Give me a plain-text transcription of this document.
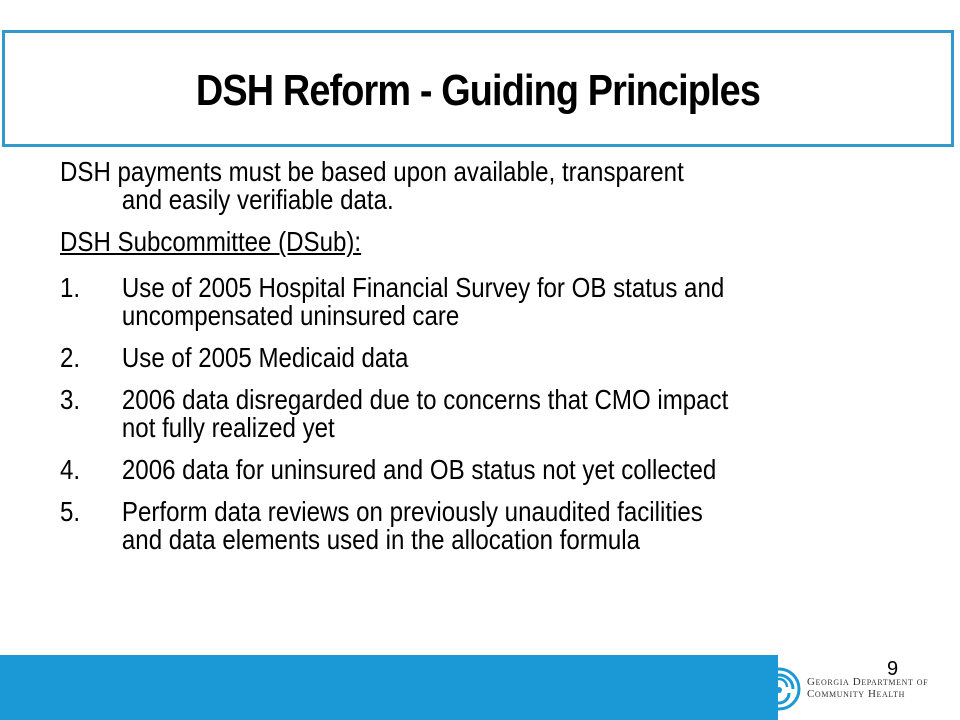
DSH Reform - Guiding Principles
DSH payments must be based upon available, transparent
and easily verifiable data.
DSH Subcommittee (DSub):
1.	Use of 2005 Hospital Financial Survey for OB status and
uncompensated uninsured care
2.	Use of 2005 Medicaid data
3.	2006 data disregarded due to concerns that CMO impact
not fully realized yet
4.	2006 data for uninsured and OB status not yet collected
5.	Perform data reviews on previously unaudited facilities
and data elements used in the allocation formula
9
Georgia Department of
Community Health
